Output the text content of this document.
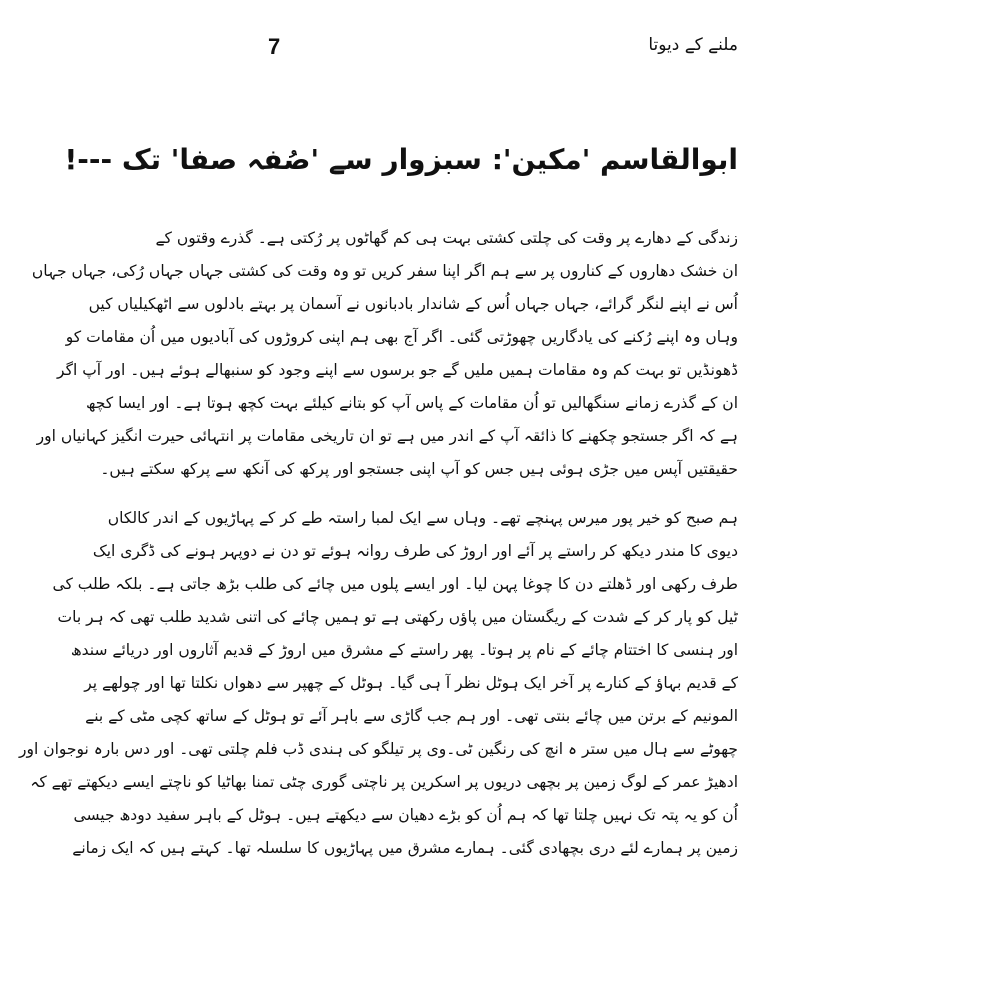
7	ملنے کے دیوتا
ابوالقاسم 'مکین': سبزوار سے 'صُفہ صفا' تک ---!
زندگی کے دھارے پر وقت کی چلتی کشتی بہت ہی کم گھاٹوں پر رُکتی ہے۔ گذرے وقتوں کے
ان خشک دھاروں کے کناروں پر سے ہم اگر اپنا سفر کریں تو وہ وقت کی کشتی جہاں جہاں رُکی، جہاں جہاں
اُس نے اپنے لنگر گرائے، جہاں جہاں اُس کے شاندار بادبانوں نے آسمان پر بہتے بادلوں سے اٹھکیلیاں کیں
وہاں وہ اپنے رُکنے کی یادگاریں چھوڑتی گئی۔ اگر آج بھی ہم اپنی کروڑوں کی آبادیوں میں اُن مقامات کو
ڈھونڈیں تو بہت کم وہ مقامات ہمیں ملیں گے جو برسوں سے اپنے وجود کو سنبھالے ہوئے ہیں۔ اور آپ اگر
ان کے گذرے زمانے سنگھالیں تو اُن مقامات کے پاس آپ کو بتانے کیلئے بہت کچھ ہوتا ہے۔ اور ایسا کچھ
ہے کہ اگر جستجو چکھنے کا ذائقہ آپ کے اندر میں ہے تو ان تاریخی مقامات پر انتہائی حیرت انگیز کہانیاں اور
حقیقتیں آپس میں جڑی ہوئی ہیں جس کو آپ اپنی جستجو اور پرکھ کی آنکھ سے پرکھ سکتے ہیں۔
ہم صبح کو خیر پور میرس پہنچے تھے۔ وہاں سے ایک لمبا راستہ طے کر کے پہاڑیوں کے اندر کالکاں
دیوی کا مندر دیکھ کر راستے پر آئے اور اروڑ کی طرف روانہ ہوئے تو دن نے دوپہر ہونے کی ڈگری ایک
طرف رکھی اور ڈھلتے دن کا چوغا پہن لیا۔ اور ایسے پلوں میں چائے کی طلب بڑھ جاتی ہے۔ بلکہ طلب کی
ٹیل کو پار کر کے شدت کے ریگستان میں پاؤں رکھتی ہے تو ہمیں چائے کی اتنی شدید طلب تھی کہ ہر بات
اور ہنسی کا اختتام چائے کے نام پر ہوتا۔ پھر راستے کے مشرق میں اروڑ کے قدیم آثاروں اور دریائے سندھ
کے قدیم بہاؤ کے کنارے پر آخر ایک ہوٹل نظر آ ہی گیا۔ ہوٹل کے چھپر سے دھواں نکلتا تھا اور چولھے پر
المونیم کے برتن میں چائے بنتی تھی۔ اور ہم جب گاڑی سے باہر آئے تو ہوٹل کے ساتھ کچی مٹی کے بنے
چھوٹے سے ہال میں ستر ہ انچ کی رنگین ٹی۔وی پر تیلگو کی ہندی ڈب فلم چلتی تھی۔ اور دس بارہ نوجوان اور
ادھیڑ عمر کے لوگ زمین پر بچھی دریوں پر اسکرین پر ناچتی گوری چٹی تمنا بھاٹیا کو ناچتے ایسے دیکھتے تھے کہ
اُن کو یہ پتہ تک نہیں چلتا تھا کہ ہم اُن کو بڑے دھیان سے دیکھتے ہیں۔ ہوٹل کے باہر سفید دودھ جیسی
زمین پر ہمارے لئے دری بچھادی گئی۔ ہمارے مشرق میں پہاڑیوں کا سلسلہ تھا۔ کہتے ہیں کہ ایک زمانے
